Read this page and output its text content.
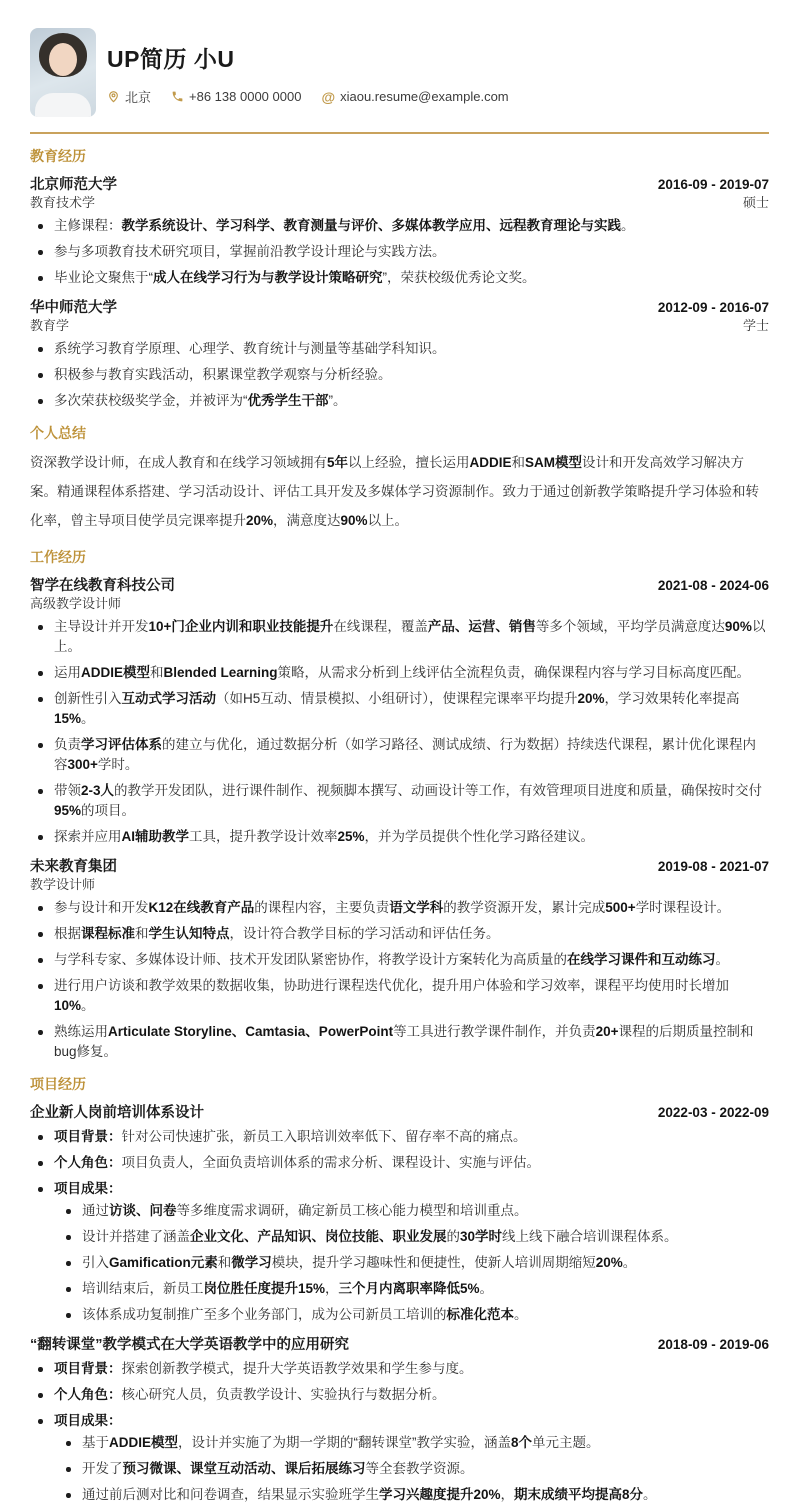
UP简历 小U
北京	+86 138 0000 0000 @ xiaou.resume@example.com
教育经历
北京师范大学	2016-09 - 2019-07
教育技术学	硕士
主修课程：教学系统设计、学习科学、教育测量与评价、多媒体教学应用、远程教育理论与实践。
参与多项教育技术研究项目，掌握前沿教学设计理论与实践方法。
毕业论文聚焦于“成人在线学习行为与教学设计策略研究”，荣获校级优秀论文奖。
华中师范大学	2012-09 - 2016-07
教育学	学士
系统学习教育学原理、心理学、教育统计与测量等基础学科知识。
积极参与教育实践活动，积累课堂教学观察与分析经验。
多次荣获校级奖学金，并被评为“优秀学生干部”。
个人总结
资深教学设计师，在成人教育和在线学习领域拥有5年以上经验，擅长运用ADDIE和SAM模型设计和开发高效学习解决方案。精通课程体系搭建、学习活动设计、评估工具开发及多媒体学习资源制作。致力于通过创新教学策略提升学习体验和转化率，曾主导项目使学员完课率提升20%，满意度达90%以上。
工作经历
智学在线教育科技公司	2021-08 - 2024-06
高级教学设计师
主导设计并开发10+门企业内训和职业技能提升在线课程，覆盖产品、运营、销售等多个领域，平均学员满意度达90%以上。
运用ADDIE模型和Blended Learning策略，从需求分析到上线评估全流程负责，确保课程内容与学习目标高度匹配。
创新性引入互动式学习活动（如H5互动、情景模拟、小组研讨），使课程完课率平均提升20%，学习效果转化率提高15%。
负责学习评估体系的建立与优化，通过数据分析（如学习路径、测试成绩、行为数据）持续迭代课程，累计优化课程内容300+学时。
带领2-3人的教学开发团队，进行课件制作、视频脚本撰写、动画设计等工作，有效管理项目进度和质量，确保按时交付95%的项目。
探索并应用AI辅助教学工具，提升教学设计效率25%，并为学员提供个性化学习路径建议。
未来教育集团	2019-08 - 2021-07
教学设计师
参与设计和开发K12在线教育产品的课程内容，主要负责语文学科的教学资源开发，累计完成500+学时课程设计。
根据课程标准和学生认知特点，设计符合教学目标的学习活动和评估任务。
与学科专家、多媒体设计师、技术开发团队紧密协作，将教学设计方案转化为高质量的在线学习课件和互动练习。
进行用户访谈和教学效果的数据收集，协助进行课程迭代优化，提升用户体验和学习效率，课程平均使用时长增加10%。
熟练运用Articulate Storyline、Camtasia、PowerPoint等工具进行教学课件制作，并负责20+课程的后期质量控制和bug修复。
项目经历
企业新人岗前培训体系设计	2022-03 - 2022-09
项目背景：针对公司快速扩张，新员工入职培训效率低下、留存率不高的痛点。
个人角色：项目负责人，全面负责培训体系的需求分析、课程设计、实施与评估。
项目成果：
通过访谈、问卷等多维度需求调研，确定新员工核心能力模型和培训重点。
设计并搭建了涵盖企业文化、产品知识、岗位技能、职业发展的30学时线上线下融合培训课程体系。
引入Gamification元素和微学习模块，提升学习趣味性和便捷性，使新人培训周期缩短20%。
培训结束后，新员工岗位胜任度提升15%，三个月内离职率降低5%。
该体系成功复制推广至多个业务部门，成为公司新员工培训的标准化范本。
“翻转课堂”教学模式在大学英语教学中的应用研究	2018-09 - 2019-06
项目背景：探索创新教学模式，提升大学英语教学效果和学生参与度。
个人角色：核心研究人员，负责教学设计、实验执行与数据分析。
项目成果：
基于ADDIE模型，设计并实施了为期一学期的“翻转课堂”教学实验，涵盖8个单元主题。
开发了预习微课、课堂互动活动、课后拓展练习等全套教学资源。
通过前后测对比和问卷调查，结果显示实验班学生学习兴趣度提升20%，期末成绩平均提高8分。
